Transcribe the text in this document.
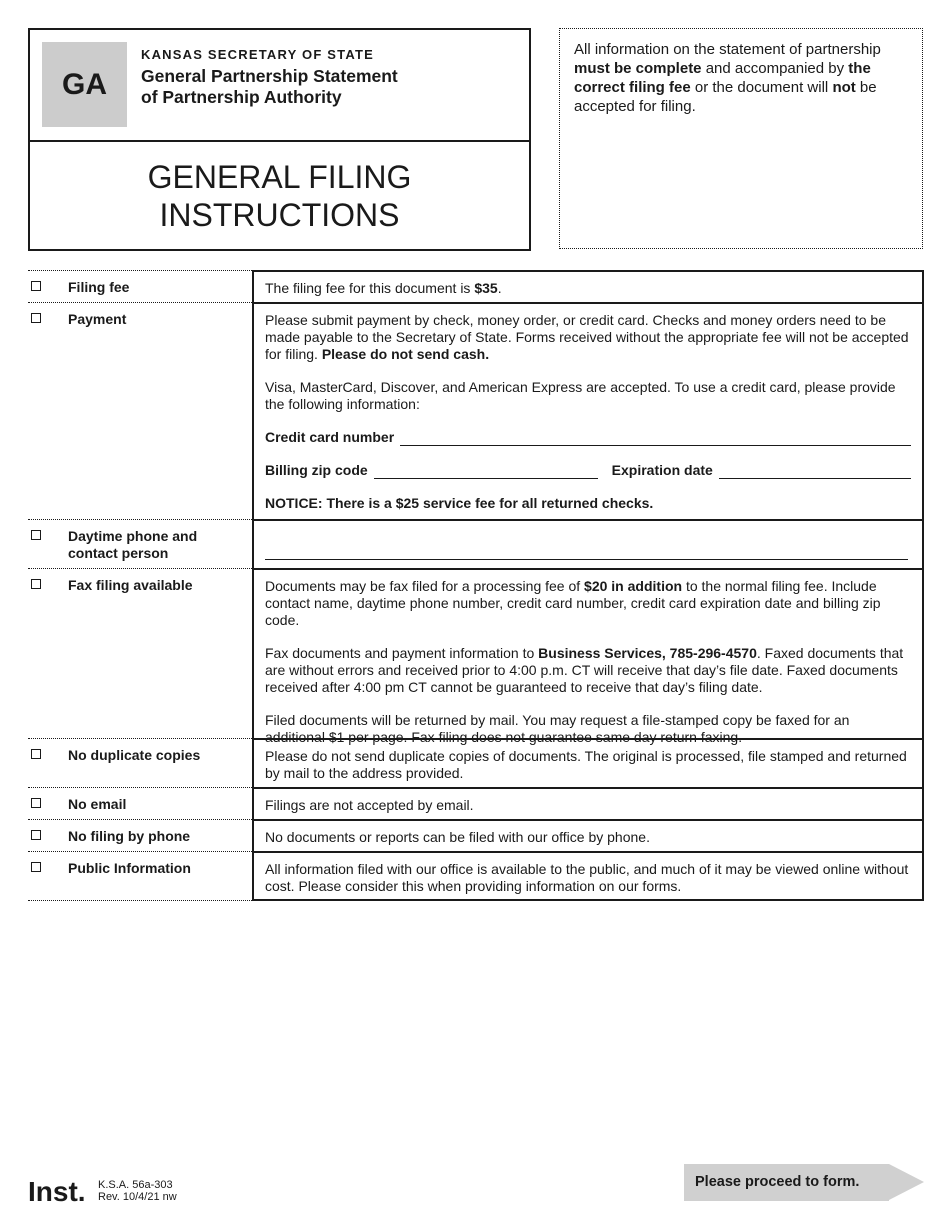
GA
KANSAS SECRETARY OF STATE
General Partnership Statement
of Partnership Authority
GENERAL FILING
INSTRUCTIONS
All information on the statement of partnership must be complete and accompanied by the correct filing fee or the document will not be accepted for filing.
Filing fee	The filing fee for this document is $35.
Payment	Please submit payment by check, money order, or credit card. Checks and money orders need to be made payable to the Secretary of State. Forms received without the appropriate fee will not be accepted for filing. Please do not send cash.

Visa, MasterCard, Discover, and American Express are accepted. To use a credit card, please provide the following information:

Credit card number
Billing zip code	Expiration date

NOTICE: There is a $25 service fee for all returned checks.

Daytime phone and
contact person
Fax filing available	Documents may be fax filed for a processing fee of $20 in addition to the normal filing fee. Include contact name, daytime phone number, credit card number, credit card expiration date and billing zip code.

Fax documents and payment information to Business Services, 785-296-4570. Faxed documents that are without errors and received prior to 4:00 p.m. CT will receive that day’s file date. Faxed documents received after 4:00 pm CT cannot be guaranteed to receive that day’s filing date.

Filed documents will be returned by mail. You may request a file-stamped copy be faxed for an additional $1 per page. Fax filing does not guarantee same day return faxing.

No duplicate copies	Please do not send duplicate copies of documents. The original is processed, file stamped and returned by mail to the address provided.
No email	Filings are not accepted by email.
No filing by phone	No documents or reports can be filed with our office by phone.
Public Information	All information filed with our office is available to the public, and much of it may be viewed online without cost. Please consider this when providing information on our forms.
Inst. K.S.A. 56a-303
Rev. 10/4/21 nw
Please proceed to form.
